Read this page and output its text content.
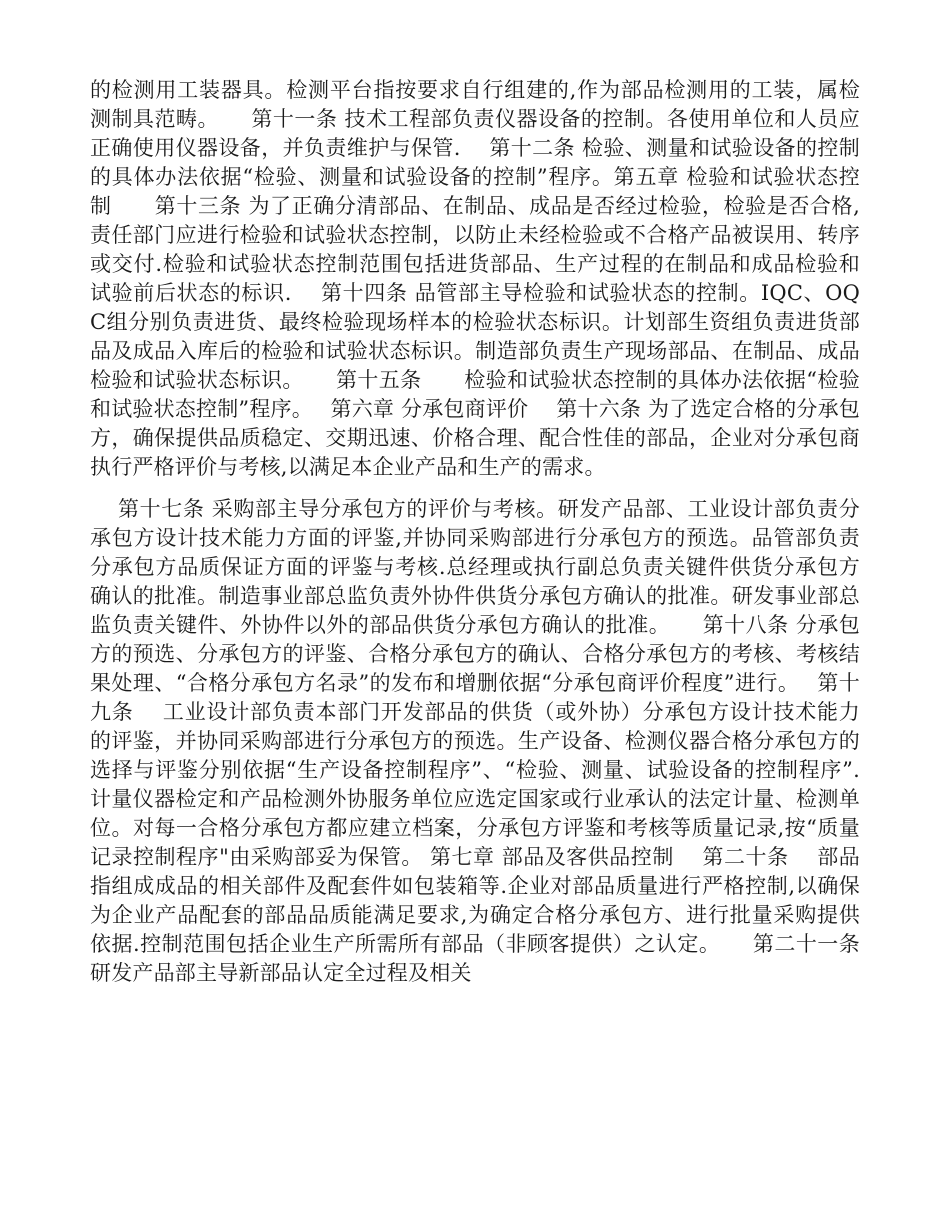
的检测用工装器具。检测平台指按要求自行组建的,作为部品检测用的工装，属检测制具范畴。　　第十一条 技术工程部负责仪器设备的控制。各使用单位和人员应正确使用仪器设备，并负责维护与保管.　 第十二条 检验、测量和试验设备的控制的具体办法依据“检验、测量和试验设备的控制”程序。第五章 检验和试验状态控制　　第十三条 为了正确分清部品、在制品、成品是否经过检验，检验是否合格,责任部门应进行检验和试验状态控制，以防止未经检验或不合格产品被误用、转序或交付.检验和试验状态控制范围包括进货部品、生产过程的在制品和成品检验和试验前后状态的标识.　 第十四条 品管部主导检验和试验状态的控制。IQC、OQC组分别负责进货、最终检验现场样本的检验状态标识。计划部生资组负责进货部品及成品入库后的检验和试验状态标识。制造部负责生产现场部品、在制品、成品检验和试验状态标识。　　第十五条　　检验和试验状态控制的具体办法依据“检验和试验状态控制”程序。　 第六章 分承包商评价　 第十六条 为了选定合格的分承包方，确保提供品质稳定、交期迅速、价格合理、配合性佳的部品，企业对分承包商执行严格评价与考核,以满足本企业产品和生产的需求。

第十七条 采购部主导分承包方的评价与考核。研发产品部、工业设计部负责分承包方设计技术能力方面的评鉴,并协同采购部进行分承包方的预选。品管部负责分承包方品质保证方面的评鉴与考核.总经理或执行副总负责关键件供货分承包方确认的批准。制造事业部总监负责外协件供货分承包方确认的批准。研发事业部总监负责关键件、外协件以外的部品供货分承包方确认的批准。　　第十八条 分承包方的预选、分承包方的评鉴、合格分承包方的确认、合格分承包方的考核、考核结果处理、“合格分承包方名录”的发布和增删依据“分承包商评价程度”进行。　 第十九条　 工业设计部负责本部门开发部品的供货（或外协）分承包方设计技术能力的评鉴，并协同采购部进行分承包方的预选。生产设备、检测仪器合格分承包方的选择与评鉴分别依据“生产设备控制程序”、“检验、测量、试验设备的控制程序”.计量仪器检定和产品检测外协服务单位应选定国家或行业承认的法定计量、检测单位。对每一合格分承包方都应建立档案，分承包方评鉴和考核等质量记录,按“质量记录控制程序"由采购部妥为保管。 第七章 部品及客供品控制　 第二十条　 部品指组成成品的相关部件及配套件如包装箱等.企业对部品质量进行严格控制,以确保为企业产品配套的部品品质能满足要求,为确定合格分承包方、进行批量采购提供依据.控制范围包括企业生产所需所有部品（非顾客提供）之认定。　　第二十一条　 研发产品部主导新部品认定全过程及相关
